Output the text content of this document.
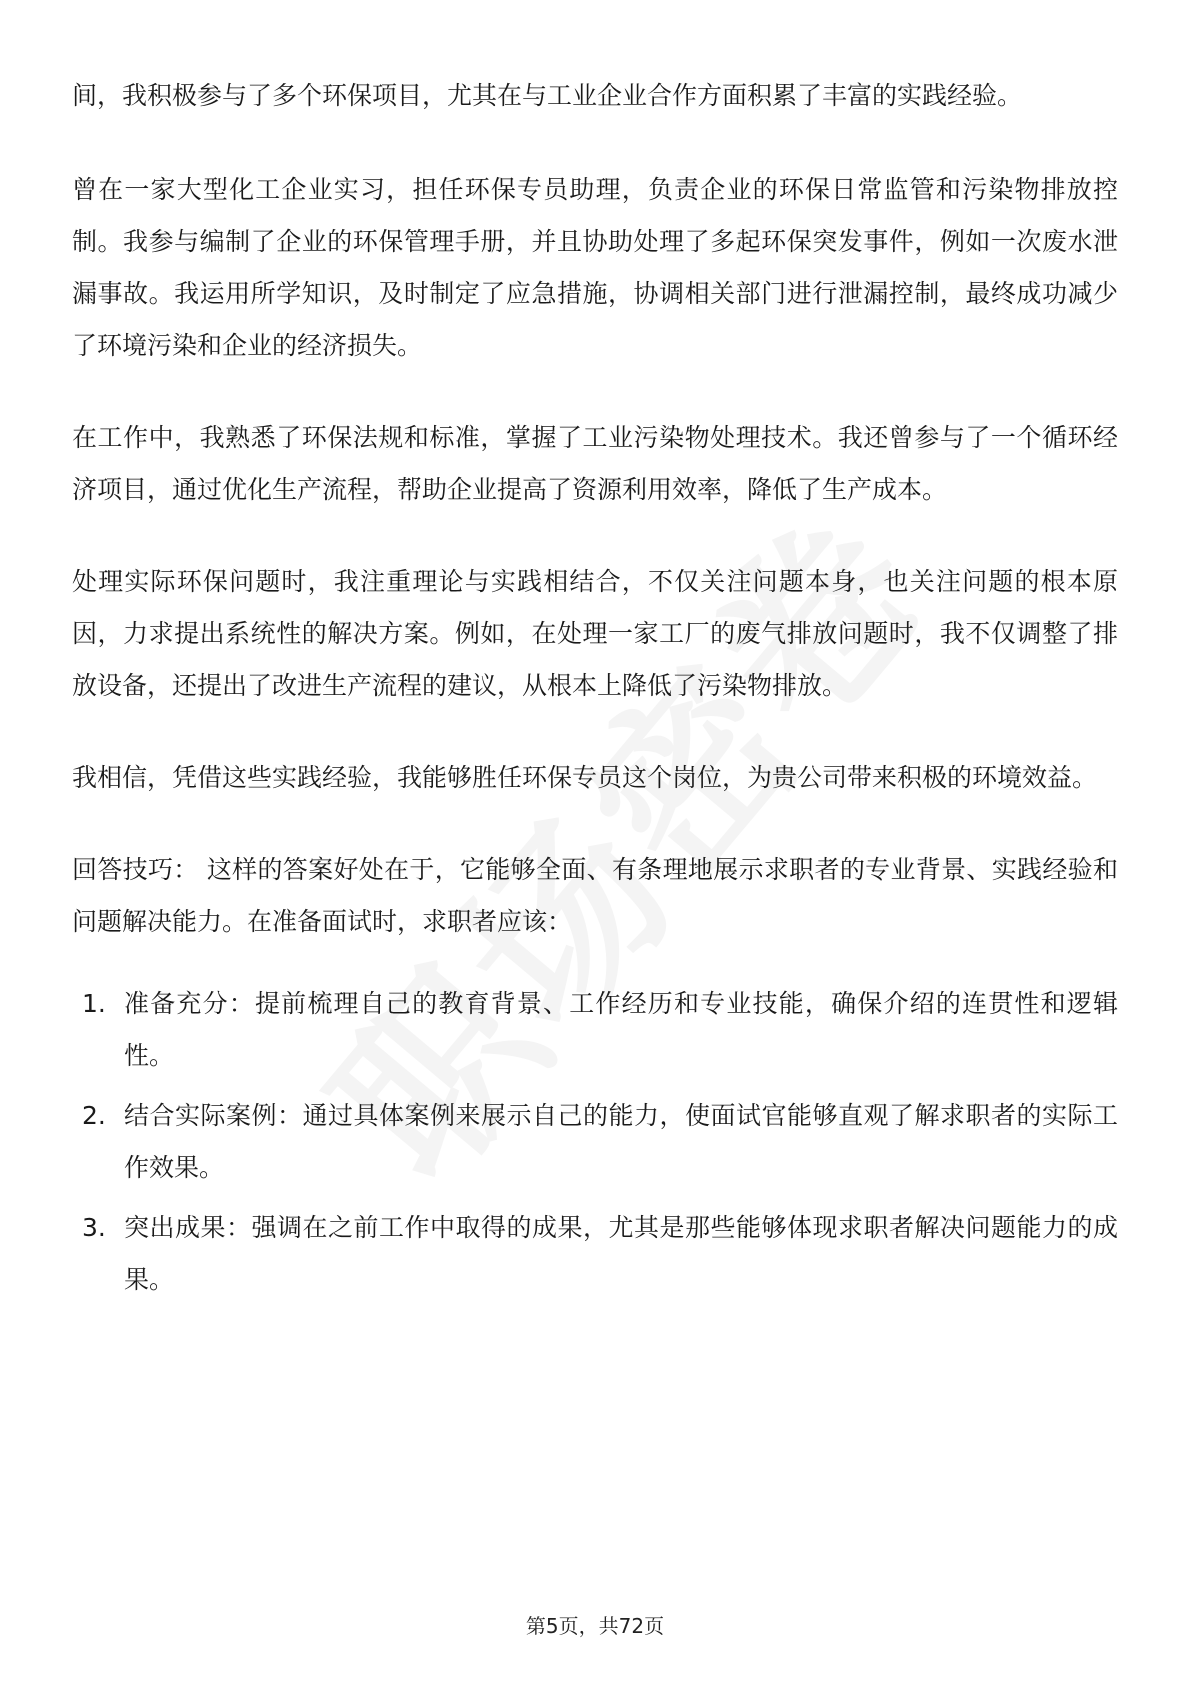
间，我积极参与了多个环保项目，尤其在与工业企业合作方面积累了丰富的实践经验。

曾在一家大型化工企业实习，担任环保专员助理，负责企业的环保日常监管和污染物排放控制。我参与编制了企业的环保管理手册，并且协助处理了多起环保突发事件，例如一次废水泄漏事故。我运用所学知识，及时制定了应急措施，协调相关部门进行泄漏控制，最终成功减少了环境污染和企业的经济损失。

在工作中，我熟悉了环保法规和标准，掌握了工业污染物处理技术。我还曾参与了一个循环经济项目，通过优化生产流程，帮助企业提高了资源利用效率，降低了生产成本。

处理实际环保问题时，我注重理论与实践相结合，不仅关注问题本身，也关注问题的根本原因，力求提出系统性的解决方案。例如，在处理一家工厂的废气排放问题时，我不仅调整了排放设备，还提出了改进生产流程的建议，从根本上降低了污染物排放。

我相信，凭借这些实践经验，我能够胜任环保专员这个岗位，为贵公司带来积极的环境效益。

回答技巧： 这样的答案好处在于，它能够全面、有条理地展示求职者的专业背景、实践经验和问题解决能力。在准备面试时，求职者应该：

1. 准备充分：提前梳理自己的教育背景、工作经历和专业技能，确保介绍的连贯性和逻辑性。
2. 结合实际案例：通过具体案例来展示自己的能力，使面试官能够直观了解求职者的实际工作效果。
3. 突出成果：强调在之前工作中取得的成果，尤其是那些能够体现求职者解决问题能力的成果。
第5页，共72页
